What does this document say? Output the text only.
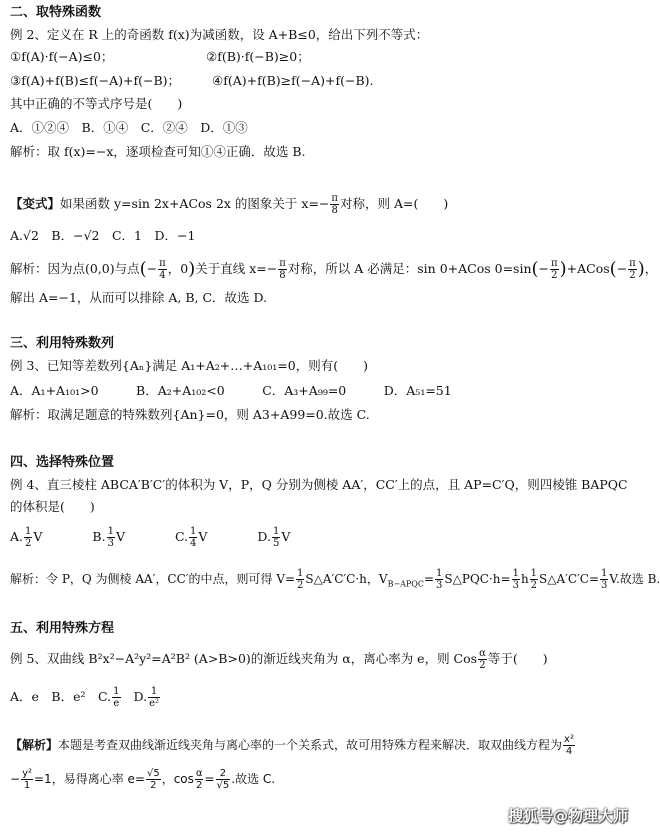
二、取特殊函数
例 2、定义在 R 上的奇函数 f(x)为减函数，设 A+B≤0，给出下列不等式：
①f(A)·f(−A)≤0；	②f(B)·f(−B)≥0；
③f(A)+f(B)≤f(−A)+f(−B)；	④f(A)+f(B)≥f(−A)+f(−B).
其中正确的不等式序号是(　　)
A．①②④　B．①④　C．②④　D．①③
解析：取 f(x)=−x，逐项检查可知①④正确．故选 B.
【变式】如果函数 y=sin 2x+ACos 2x 的图象关于 $x=- \frac{\pi}{8}$ 对称，则 A=(　　)
A.√2　B．−√2　C．1　D．−1
解析：因为点(0,0)与点(− $\frac{\pi}{4}$ ，0)关于直线 $x=- \frac{\pi}{8}$ 对称，所以 A 必满足：sin 0+ACos $0=\sin(- \frac{\pi}{2}$ )+ACos(− $\frac{\pi}{2}$ )，
解出 A=−1，从而可以排除 A, B, C．故选 D.
三、利用特殊数列
例 3、已知等差数列{Aₙ}满足 A₁+A₂+…+A₁₀₁=0，则有(　　)
A．A₁+A₁₀₁>0　　　B．A₂+A₁₀₂<0　　　C．A₃+A₉₉=0　　　D．A₅₁=51
解析：取满足题意的特殊数列{An}=0，则 A3+A99=0.故选 C.
四、选择特殊位置
例 4、直三棱柱 ABCA′B′C′的体积为 V，P，Q 分别为侧棱 AA′，CC′上的点，且 AP=C′Q，则四棱锥 BAPQC
的体积是(　　)
A. $\frac{1}{2}$ V	B. $\frac{1}{3}$ V	C. $\frac{1}{4}$ V	D. $\frac{1}{5}$ V
解析：令 P，Q 为侧棱 AA′，CC′的中点，则可得 $V= \frac{1}{2}$ S△A′C′C·h，$V_{B-APQC}= \frac{1}{3}$ S△PQC·h= $\frac{1}{3}$ h $\frac{1}{2}$ S△A′C′C= $\frac{1}{3} V$.故选 B.
五、利用特殊方程
例 5、双曲线 B²x²−A²y²=A²B² (A>B>0)的渐近线夹角为 α，离心率为 e，则 Cos $\frac{\alpha}{2}$ 等于(　　)
A．e　B．e²　C. $\frac{1}{e} D$. $\frac{1}{\text{e²}}$
【解析】本题是考查双曲线渐近线夹角与离心率的一个关系式，故可用特殊方程来解决．取双曲线方程为 $\frac{\text{x²}}{4}$
− $\frac{\text{y²}}{1} =1$，易得离心率 $e= \frac{√5}{2}$ ，$\cos \frac{\alpha}{2} = \frac{2}{√5}$ .故选 C.
搜狐号@物理大师
